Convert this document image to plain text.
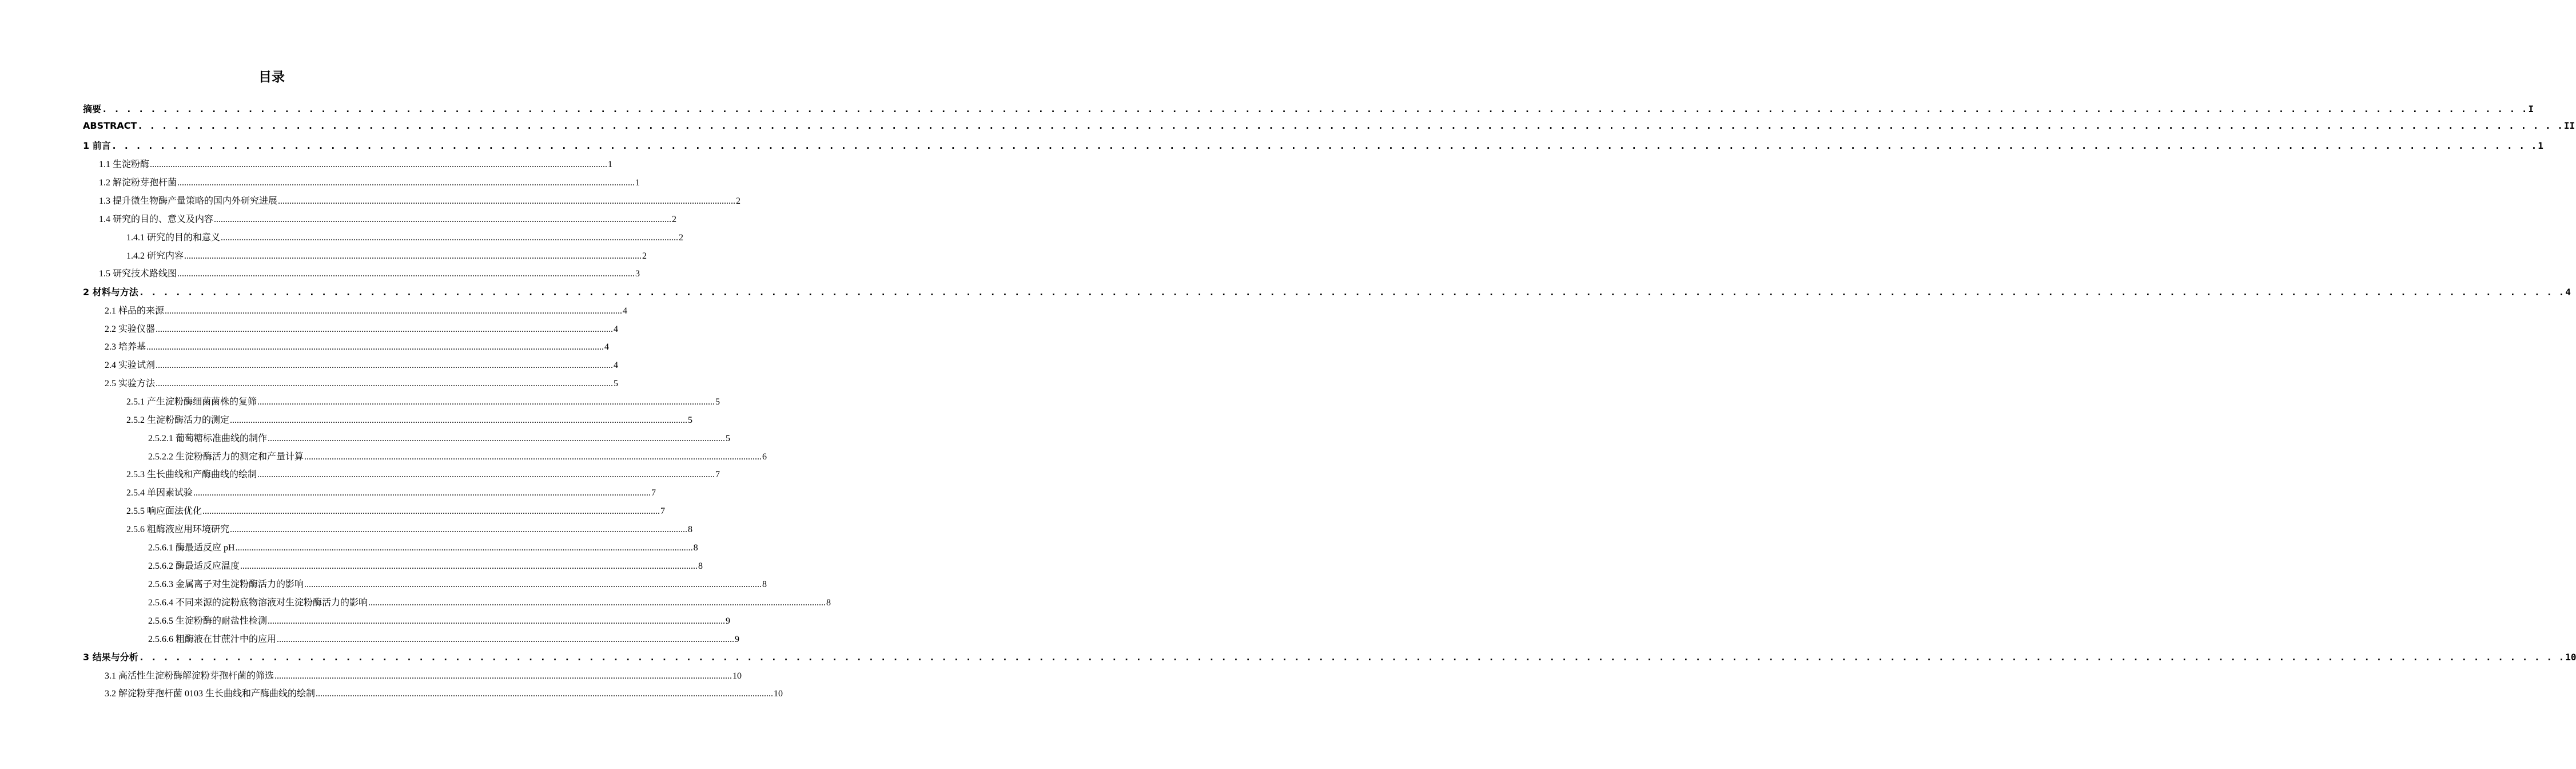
目录
摘要 . . . . . . . . . . . . . . . . . . . . . . . . . . . . . . . . . . . . . . . . . . . . . . . . . . . . . . . . . . . . . . . . . . . . . . . . . . . . . . . . . . . . . . . . . . . . . . . . . . . . . . . . . . . . . . . . . . . . . . . . . . . . . . . . . . . . . . . . . . . . . . . . . . . . . . . . . . . . . . . . . . . . . . . . . . . . . . . . . . . . . . . . . . . . . . . . . . . . . . . . I
ABSTRACT . . . . . . . . . . . . . . . . . . . . . . . . . . . . . . . . . . . . . . . . . . . . . . . . . . . . . . . . . . . . . . . . . . . . . . . . . . . . . . . . . . . . . . . . . . . . . . . . . . . . . . . . . . . . . . . . . . . . . . . . . . . . . . . . . . . . . . . . . . . . . . . . . . . . . . . . . . . . . . . . . . . . . . . . . . . . . . . . . . . . . . . . . . . . . . . . . . . . . . . . II
1 前言 . . . . . . . . . . . . . . . . . . . . . . . . . . . . . . . . . . . . . . . . . . . . . . . . . . . . . . . . . . . . . . . . . . . . . . . . . . . . . . . . . . . . . . . . . . . . . . . . . . . . . . . . . . . . . . . . . . . . . . . . . . . . . . . . . . . . . . . . . . . . . . . . . . . . . . . . . . . . . . . . . . . . . . . . . . . . . . . . . . . . . . . . . . . . . . . . . . . . . . . . 1
1.1 生淀粉酶 ........................................................................................................................................................................................................ 1
1.2 解淀粉芽孢杆菌 ........................................................................................................................................................................................................ 1
1.3 提升微生物酶产量策略的国内外研究进展 ........................................................................................................................................................................................................ 2
1.4 研究的目的、意义及内容 ........................................................................................................................................................................................................ 2
1.4.1 研究的目的和意义 ........................................................................................................................................................................................................ 2
1.4.2 研究内容 ........................................................................................................................................................................................................ 2
1.5 研究技术路线图 ........................................................................................................................................................................................................ 3
2 材料与方法 . . . . . . . . . . . . . . . . . . . . . . . . . . . . . . . . . . . . . . . . . . . . . . . . . . . . . . . . . . . . . . . . . . . . . . . . . . . . . . . . . . . . . . . . . . . . . . . . . . . . . . . . . . . . . . . . . . . . . . . . . . . . . . . . . . . . . . . . . . . . . . . . . . . . . . . . . . . . . . . . . . . . . . . . . . . . . . . . . . . . . . . . . . . . . . . . . . . . . . . . 4
2.1 样品的来源 ........................................................................................................................................................................................................ 4
2.2 实验仪器 ........................................................................................................................................................................................................ 4
2.3 培养基 ........................................................................................................................................................................................................ 4
2.4 实验试剂 ........................................................................................................................................................................................................ 4
2.5 实验方法 ........................................................................................................................................................................................................ 5
2.5.1 产生淀粉酶细菌菌株的复筛 ........................................................................................................................................................................................................ 5
2.5.2 生淀粉酶活力的测定 ........................................................................................................................................................................................................ 5
2.5.2.1 葡萄糖标准曲线的制作 ........................................................................................................................................................................................................ 5
2.5.2.2 生淀粉酶活力的测定和产量计算 ........................................................................................................................................................................................................ 6
2.5.3 生长曲线和产酶曲线的绘制 ........................................................................................................................................................................................................ 7
2.5.4 单因素试验 ........................................................................................................................................................................................................ 7
2.5.5 响应面法优化 ........................................................................................................................................................................................................ 7
2.5.6 粗酶液应用环境研究 ........................................................................................................................................................................................................ 8
2.5.6.1 酶最适反应 pH ........................................................................................................................................................................................................ 8
2.5.6.2 酶最适反应温度 ........................................................................................................................................................................................................ 8
2.5.6.3 金属离子对生淀粉酶活力的影响 ........................................................................................................................................................................................................ 8
2.5.6.4 不同来源的淀粉底物溶液对生淀粉酶活力的影响 ........................................................................................................................................................................................................ 8
2.5.6.5 生淀粉酶的耐盐性检测 ........................................................................................................................................................................................................ 9
2.5.6.6 粗酶液在甘蔗汁中的应用 ........................................................................................................................................................................................................ 9
3 结果与分析 . . . . . . . . . . . . . . . . . . . . . . . . . . . . . . . . . . . . . . . . . . . . . . . . . . . . . . . . . . . . . . . . . . . . . . . . . . . . . . . . . . . . . . . . . . . . . . . . . . . . . . . . . . . . . . . . . . . . . . . . . . . . . . . . . . . . . . . . . . . . . . . . . . . . . . . . . . . . . . . . . . . . . . . . . . . . . . . . . . . . . . . . . . . . . . . . . . . . . . . . 10
3.1 高活性生淀粉酶解淀粉芽孢杆菌的筛选 ........................................................................................................................................................................................................ 10
3.2 解淀粉芽孢杆菌 0103 生长曲线和产酶曲线的绘制 ........................................................................................................................................................................................................ 10
